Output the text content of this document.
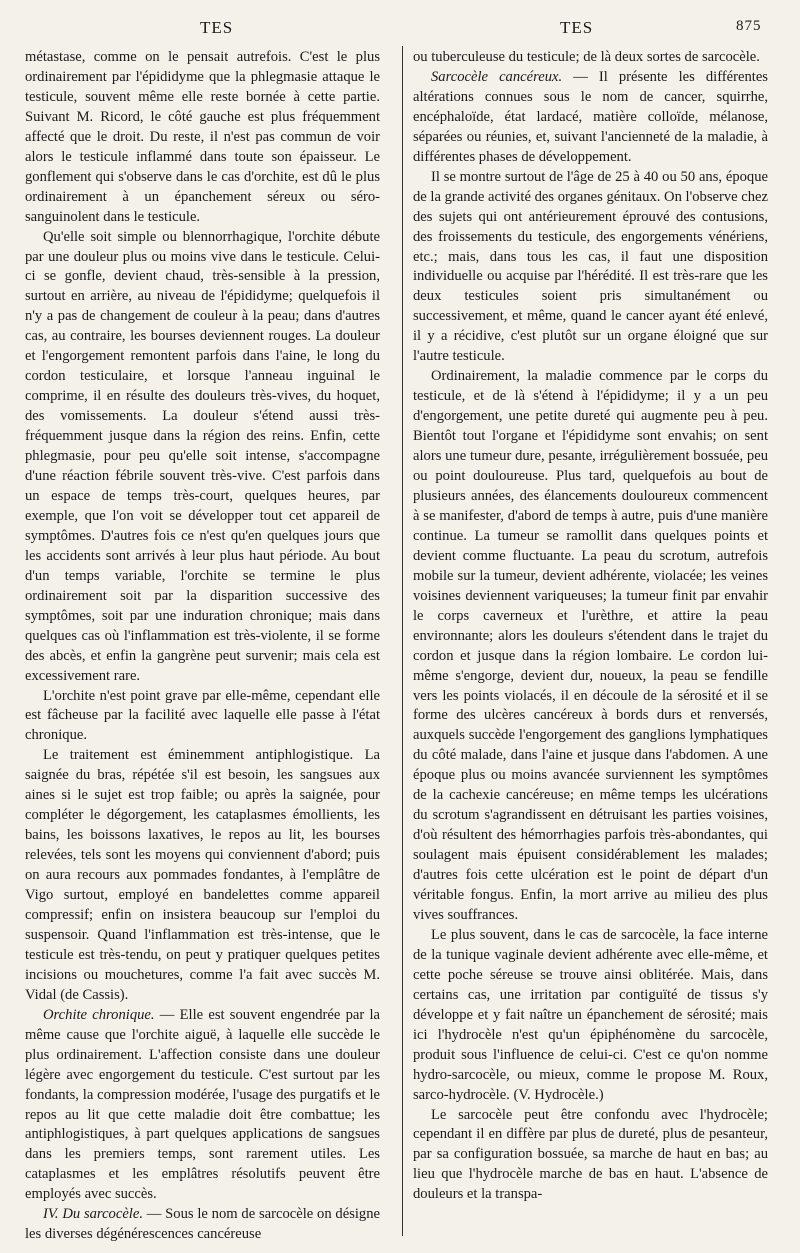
TES	TES	875

métastase, comme on le pensait autrefois. C'est le plus ordinairement par l'épididyme que la phlegmasie attaque le testicule, souvent même elle reste bornée à cette partie. Suivant M. Ricord, le côté gauche est plus fréquemment affecté que le droit. Du reste, il n'est pas commun de voir alors le testicule inflammé dans toute son épaisseur. Le gonflement qui s'observe dans le cas d'orchite, est dû le plus ordinairement à un épanchement séreux ou séro-sanguinolent dans le testicule.

Qu'elle soit simple ou blennorrhagique, l'orchite débute par une douleur plus ou moins vive dans le testicule. Celui-ci se gonfle, devient chaud, très-sensible à la pression, surtout en arrière, au niveau de l'épididyme; quelquefois il n'y a pas de changement de couleur à la peau; dans d'autres cas, au contraire, les bourses deviennent rouges. La douleur et l'engorgement remontent parfois dans l'aine, le long du cordon testiculaire, et lorsque l'anneau inguinal le comprime, il en résulte des douleurs très-vives, du hoquet, des vomissements. La douleur s'étend aussi très-fréquemment jusque dans la région des reins. Enfin, cette phlegmasie, pour peu qu'elle soit intense, s'accompagne d'une réaction fébrile souvent très-vive. C'est parfois dans un espace de temps très-court, quelques heures, par exemple, que l'on voit se développer tout cet appareil de symptômes. D'autres fois ce n'est qu'en quelques jours que les accidents sont arrivés à leur plus haut période. Au bout d'un temps variable, l'orchite se termine le plus ordinairement soit par la disparition successive des symptômes, soit par une induration chronique; mais dans quelques cas où l'inflammation est très-violente, il se forme des abcès, et enfin la gangrène peut survenir; mais cela est excessivement rare.

L'orchite n'est point grave par elle-même, cependant elle est fâcheuse par la facilité avec laquelle elle passe à l'état chronique.

Le traitement est éminemment antiphlogistique. La saignée du bras, répétée s'il est besoin, les sangsues aux aines si le sujet est trop faible; ou après la saignée, pour compléter le dégorgement, les cataplasmes émollients, les bains, les boissons laxatives, le repos au lit, les bourses relevées, tels sont les moyens qui conviennent d'abord; puis on aura recours aux pommades fondantes, à l'emplâtre de Vigo surtout, employé en bandelettes comme appareil compressif; enfin on insistera beaucoup sur l'emploi du suspensoir. Quand l'inflammation est très-intense, que le testicule est très-tendu, on peut y pratiquer quelques petites incisions ou mouchetures, comme l'a fait avec succès M. Vidal (de Cassis).

Orchite chronique. — Elle est souvent engendrée par la même cause que l'orchite aiguë, à laquelle elle succède le plus ordinairement. L'affection consiste dans une douleur légère avec engorgement du testicule. C'est surtout par les fondants, la compression modérée, l'usage des purgatifs et le repos au lit que cette maladie doit être combattue; les antiphlogistiques, à part quelques applications de sangsues dans les premiers temps, sont rarement utiles. Les cataplasmes et les emplâtres résolutifs peuvent être employés avec succès.

IV. Du sarcocèle. — Sous le nom de sarcocèle on désigne les diverses dégénérescences cancéreuse

ou tuberculeuse du testicule; de là deux sortes de sarcocèle.

Sarcocèle cancéreux. — Il présente les différentes altérations connues sous le nom de cancer, squirrhe, encéphaloïde, état lardacé, matière colloïde, mélanose, séparées ou réunies, et, suivant l'ancienneté de la maladie, à différentes phases de développement.

Il se montre surtout de l'âge de 25 à 40 ou 50 ans, époque de la grande activité des organes génitaux. On l'observe chez des sujets qui ont antérieurement éprouvé des contusions, des froissements du testicule, des engorgements vénériens, etc.; mais, dans tous les cas, il faut une disposition individuelle ou acquise par l'hérédité. Il est très-rare que les deux testicules soient pris simultanément ou successivement, et même, quand le cancer ayant été enlevé, il y a récidive, c'est plutôt sur un organe éloigné que sur l'autre testicule.

Ordinairement, la maladie commence par le corps du testicule, et de là s'étend à l'épididyme; il y a un peu d'engorgement, une petite dureté qui augmente peu à peu. Bientôt tout l'organe et l'épididyme sont envahis; on sent alors une tumeur dure, pesante, irrégulièrement bossuée, peu ou point douloureuse. Plus tard, quelquefois au bout de plusieurs années, des élancements douloureux commencent à se manifester, d'abord de temps à autre, puis d'une manière continue. La tumeur se ramollit dans quelques points et devient comme fluctuante. La peau du scrotum, autrefois mobile sur la tumeur, devient adhérente, violacée; les veines voisines deviennent variqueuses; la tumeur finit par envahir le corps caverneux et l'urèthre, et attire la peau environnante; alors les douleurs s'étendent dans le trajet du cordon et jusque dans la région lombaire. Le cordon lui-même s'engorge, devient dur, noueux, la peau se fendille vers les points violacés, il en découle de la sérosité et il se forme des ulcères cancéreux à bords durs et renversés, auxquels succède l'engorgement des ganglions lymphatiques du côté malade, dans l'aine et jusque dans l'abdomen. A une époque plus ou moins avancée surviennent les symptômes de la cachexie cancéreuse; en même temps les ulcérations du scrotum s'agrandissent en détruisant les parties voisines, d'où résultent des hémorrhagies parfois très-abondantes, qui soulagent mais épuisent considérablement les malades; d'autres fois cette ulcération est le point de départ d'un véritable fongus. Enfin, la mort arrive au milieu des plus vives souffrances.

Le plus souvent, dans le cas de sarcocèle, la face interne de la tunique vaginale devient adhérente avec elle-même, et cette poche séreuse se trouve ainsi oblitérée. Mais, dans certains cas, une irritation par contiguïté de tissus s'y développe et y fait naître un épanchement de sérosité; mais ici l'hydrocèle n'est qu'un épiphénomène du sarcocèle, produit sous l'influence de celui-ci. C'est ce qu'on nomme hydro-sarcocèle, ou mieux, comme le propose M. Roux, sarco-hydrocèle. (V. Hydrocèle.)

Le sarcocèle peut être confondu avec l'hydrocèle; cependant il en diffère par plus de dureté, plus de pesanteur, par sa configuration bossuée, sa marche de haut en bas; au lieu que l'hydrocèle marche de bas en haut. L'absence de douleurs et la transpa-
